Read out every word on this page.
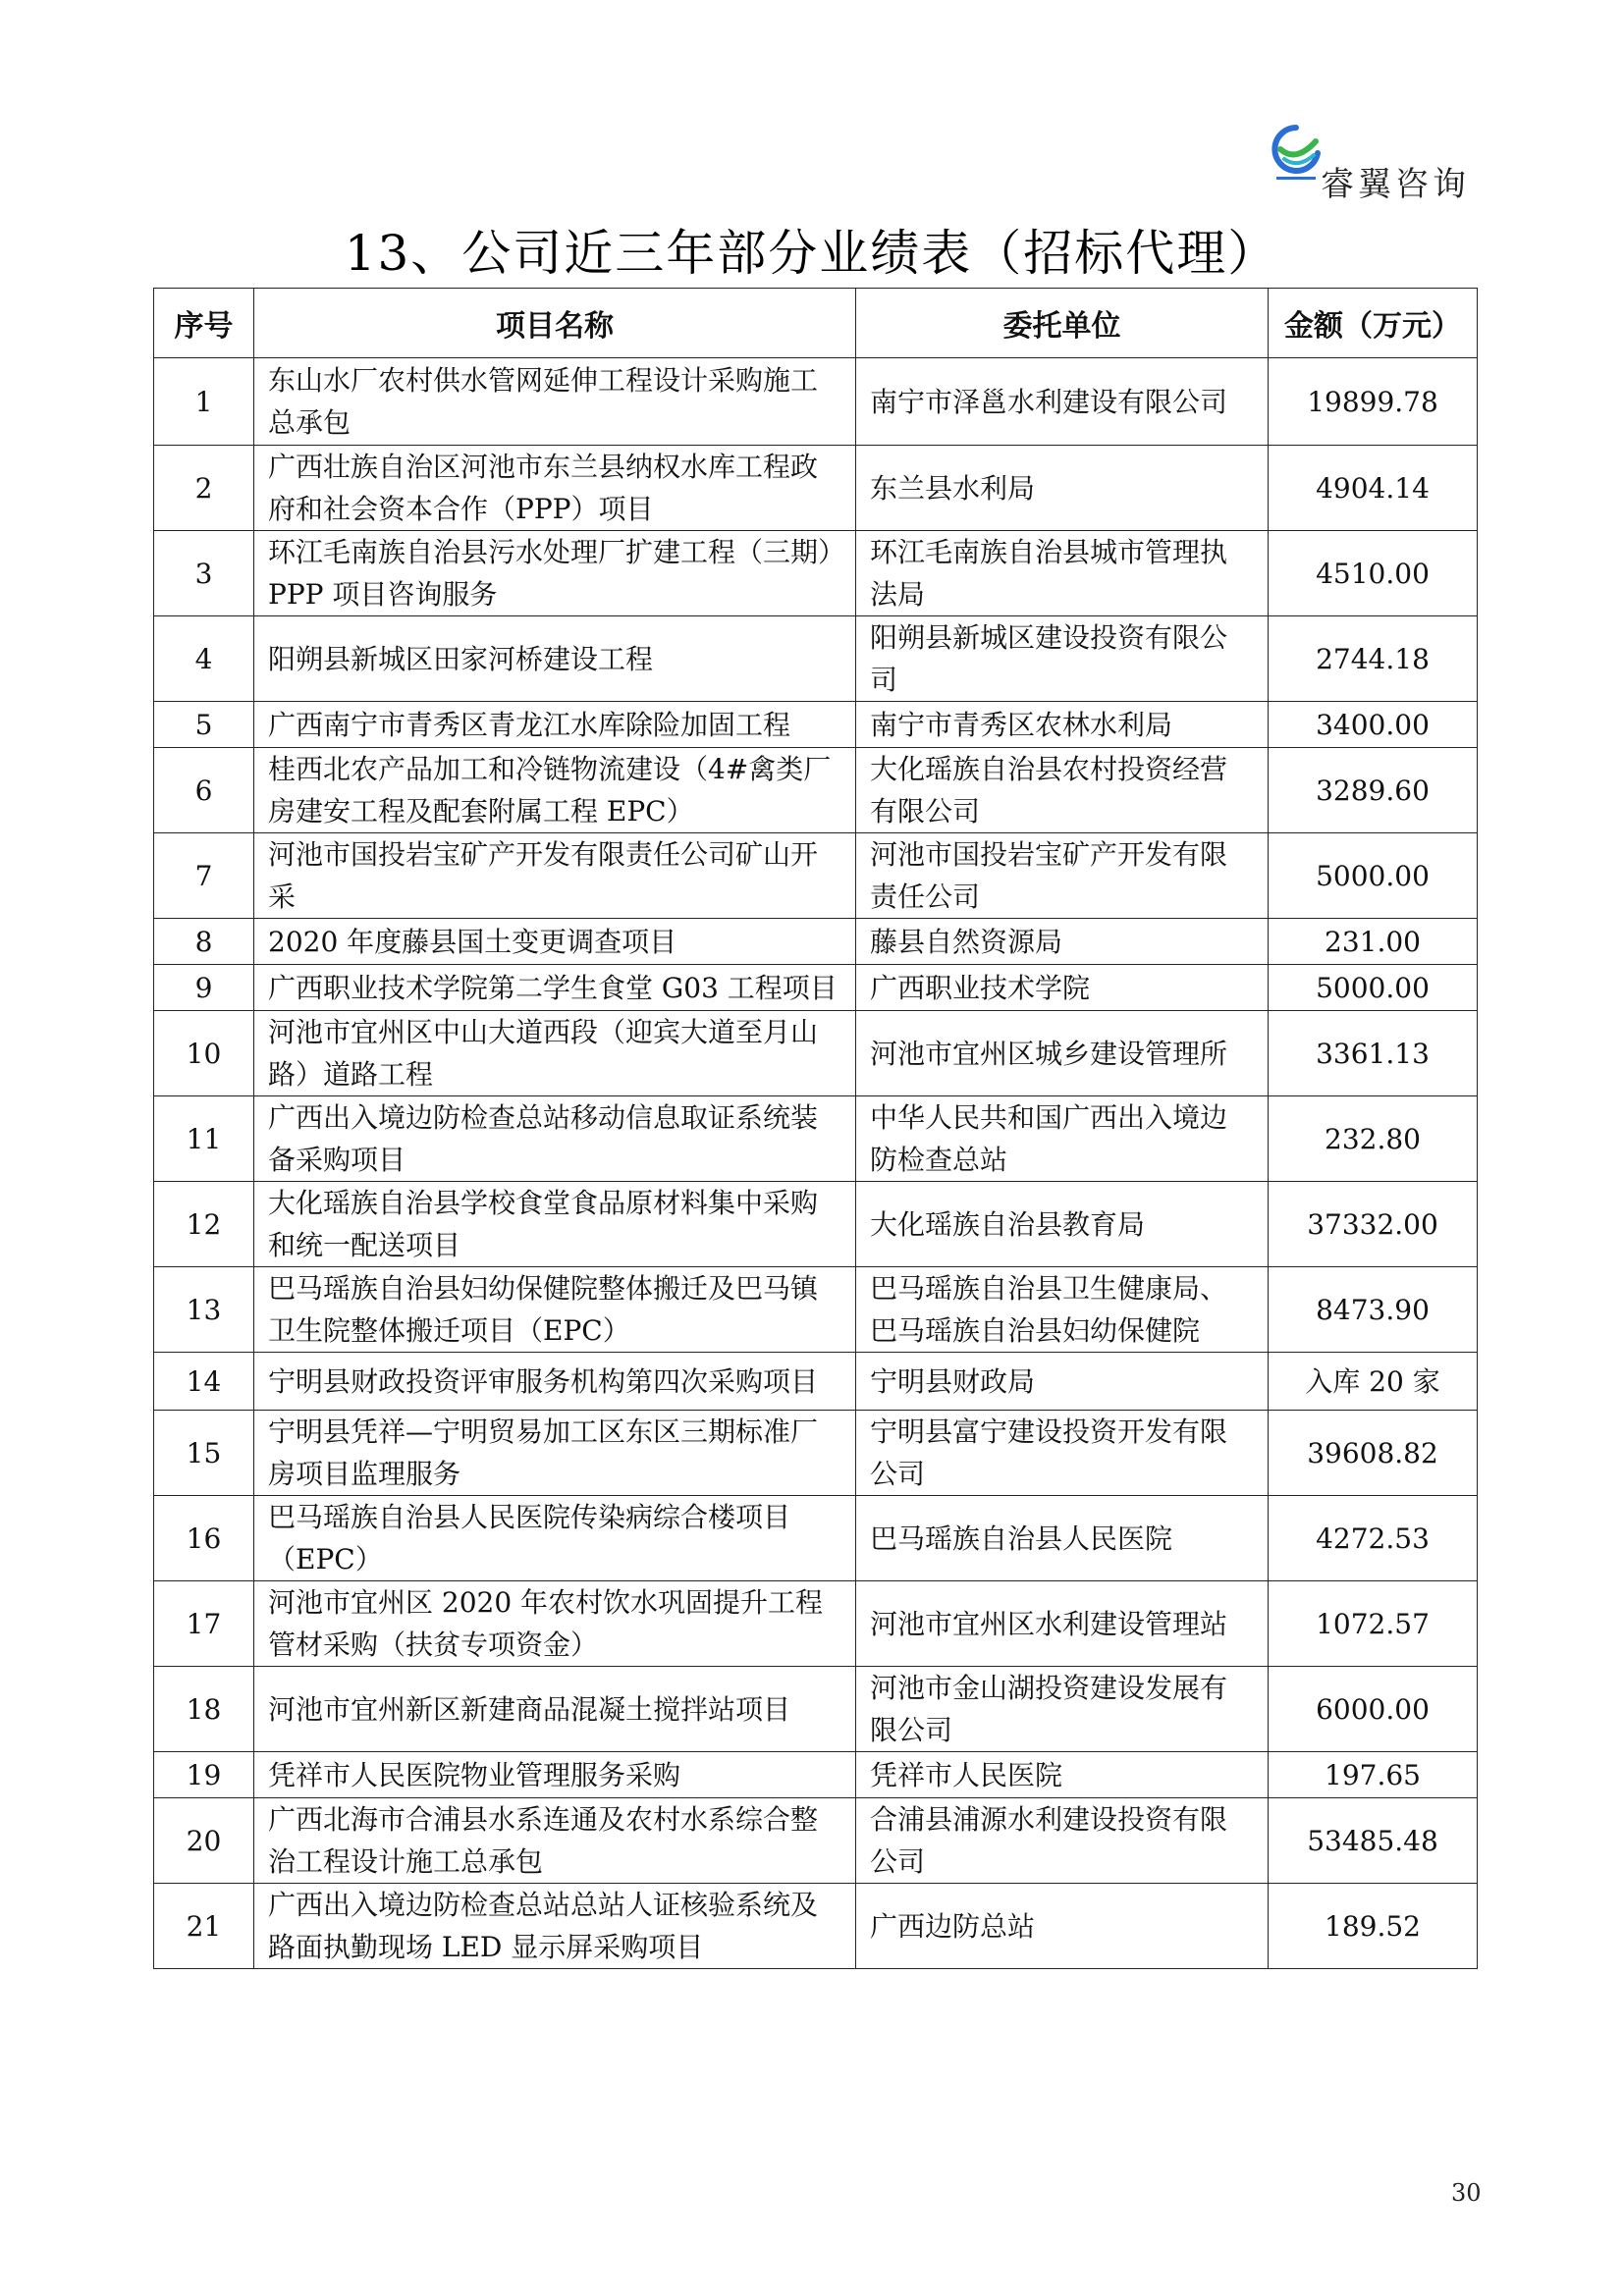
睿翼咨询
13、公司近三年部分业绩表（招标代理）
序号	项目名称	委托单位	金额（万元）
1	东山水厂农村供水管网延伸工程设计采购施工总承包	南宁市泽邕水利建设有限公司	19899.78
2	广西壮族自治区河池市东兰县纳权水库工程政府和社会资本合作（PPP）项目	东兰县水利局	4904.14
3	环江毛南族自治县污水处理厂扩建工程（三期）PPP 项目咨询服务	环江毛南族自治县城市管理执法局	4510.00
4	阳朔县新城区田家河桥建设工程	阳朔县新城区建设投资有限公司	2744.18
5	广西南宁市青秀区青龙江水库除险加固工程	南宁市青秀区农林水利局	3400.00
6	桂西北农产品加工和冷链物流建设（4#禽类厂房建安工程及配套附属工程 EPC）	大化瑶族自治县农村投资经营有限公司	3289.60
7	河池市国投岩宝矿产开发有限责任公司矿山开采	河池市国投岩宝矿产开发有限责任公司	5000.00
8	2020 年度藤县国土变更调查项目	藤县自然资源局	231.00
9	广西职业技术学院第二学生食堂 G03 工程项目	广西职业技术学院	5000.00
10	河池市宜州区中山大道西段（迎宾大道至月山路）道路工程	河池市宜州区城乡建设管理所	3361.13
11	广西出入境边防检查总站移动信息取证系统装备采购项目	中华人民共和国广西出入境边防检查总站	232.80
12	大化瑶族自治县学校食堂食品原材料集中采购和统一配送项目	大化瑶族自治县教育局	37332.00
13	巴马瑶族自治县妇幼保健院整体搬迁及巴马镇卫生院整体搬迁项目（EPC）	巴马瑶族自治县卫生健康局、巴马瑶族自治县妇幼保健院	8473.90
14	宁明县财政投资评审服务机构第四次采购项目	宁明县财政局	入库 20 家
15	宁明县凭祥—宁明贸易加工区东区三期标准厂房项目监理服务	宁明县富宁建设投资开发有限公司	39608.82
16	巴马瑶族自治县人民医院传染病综合楼项目（EPC）	巴马瑶族自治县人民医院	4272.53
17	河池市宜州区 2020 年农村饮水巩固提升工程管材采购（扶贫专项资金）	河池市宜州区水利建设管理站	1072.57
18	河池市宜州新区新建商品混凝土搅拌站项目	河池市金山湖投资建设发展有限公司	6000.00
19	凭祥市人民医院物业管理服务采购	凭祥市人民医院	197.65
20	广西北海市合浦县水系连通及农村水系综合整治工程设计施工总承包	合浦县浦源水利建设投资有限公司	53485.48
21	广西出入境边防检查总站总站人证核验系统及路面执勤现场 LED 显示屏采购项目	广西边防总站	189.52
30
